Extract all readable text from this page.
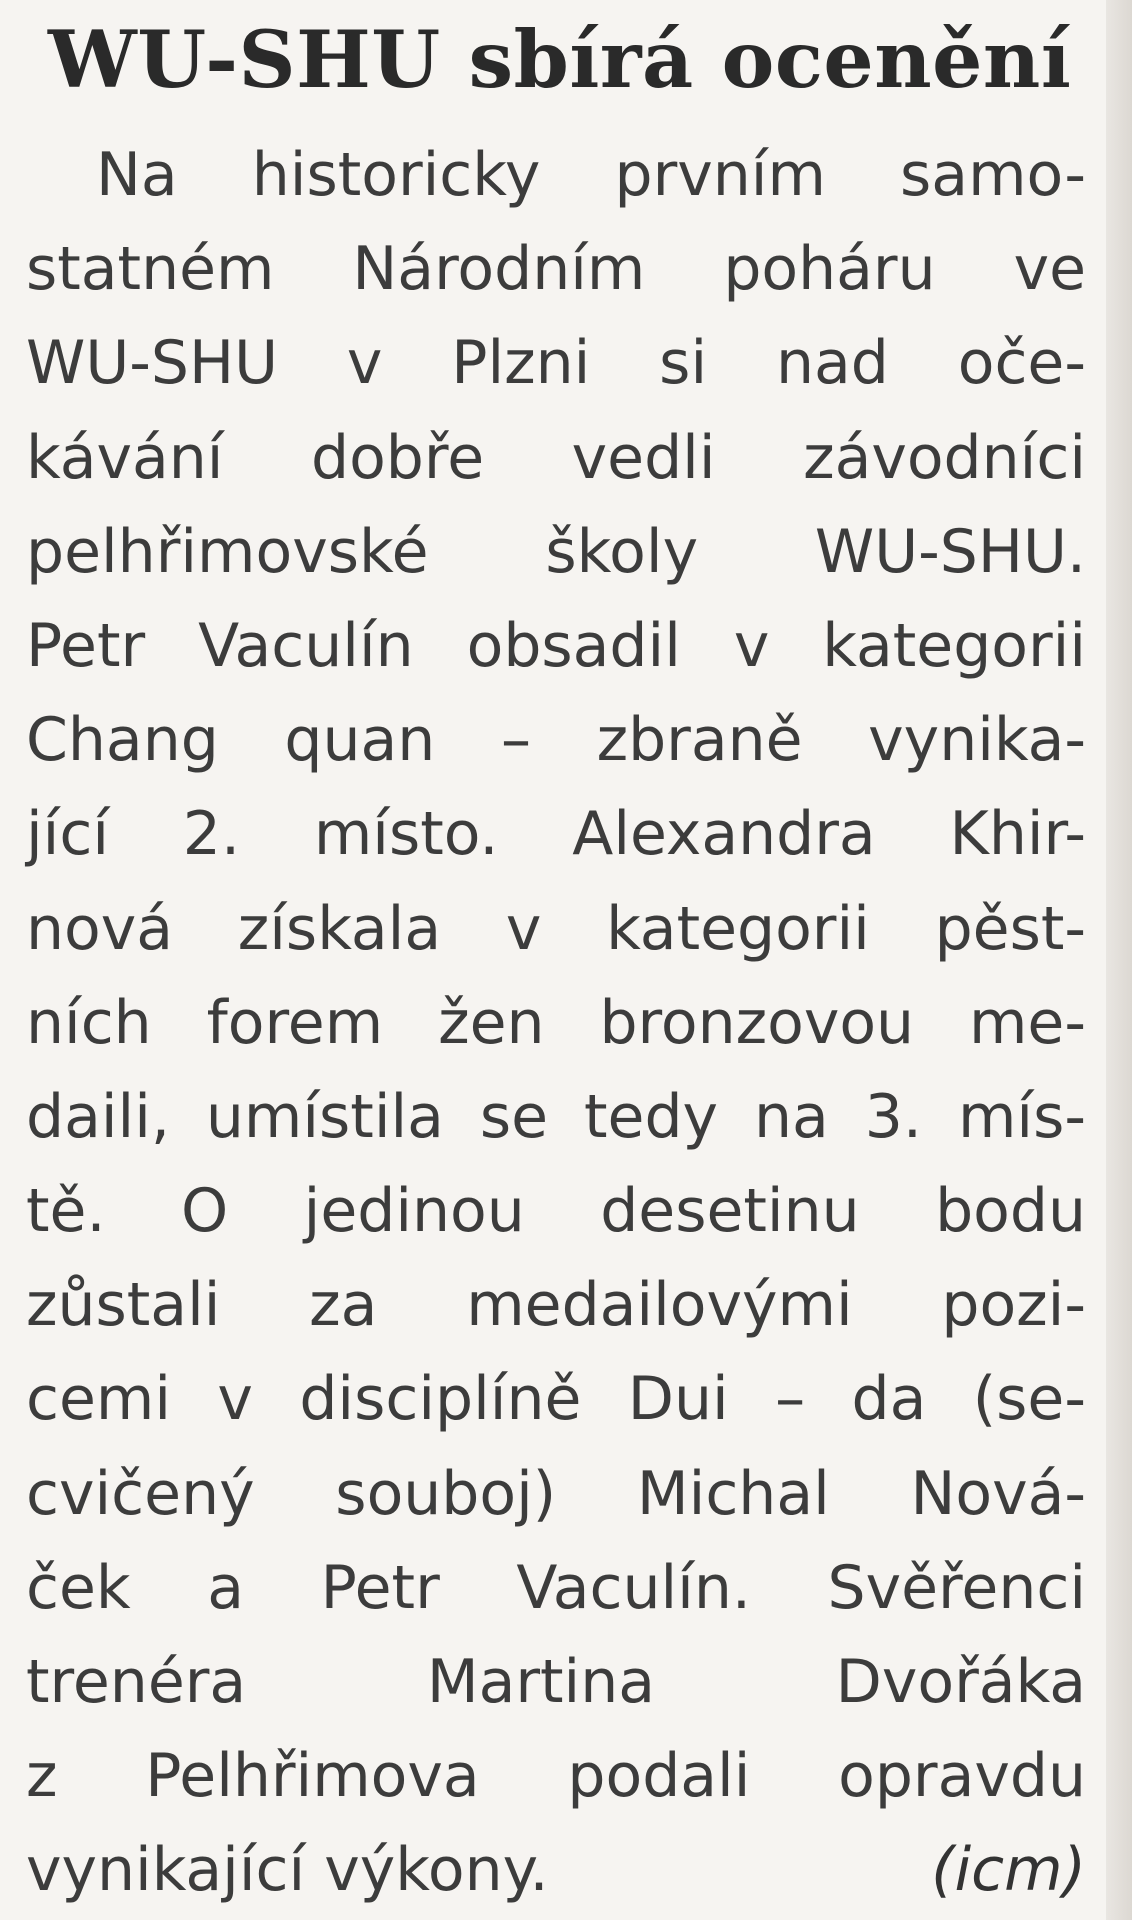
WU-SHU sbírá ocenění
Na historicky prvním samo-
statném Národním poháru ve
WU-SHU v Plzni si nad oče-
kávání dobře vedli závodníci
pelhřimovské školy WU-SHU.
Petr Vaculín obsadil v kategorii
Chang quan – zbraně vynika-
jící 2. místo. Alexandra Khir-
nová získala v kategorii pěst-
ních forem žen bronzovou me-
daili, umístila se tedy na 3. mís-
tě. O jedinou desetinu bodu
zůstali za medailovými pozi-
cemi v disciplíně Dui – da (se-
cvičený souboj) Michal Nová-
ček a Petr Vaculín. Svěřenci
trenéra Martina Dvořáka
z Pelhřimova podali opravdu
vynikající výkony.	(icm)
